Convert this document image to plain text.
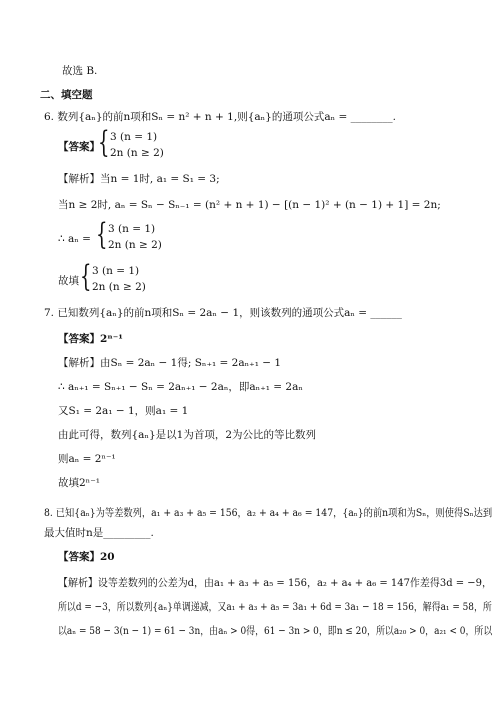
故选 B.
二、填空题
6. 数列{aₙ}的前n项和Sₙ = n² + n + 1,则{aₙ}的通项公式aₙ = ________.
【答案】
{ 3 (n = 1)
2n (n ≥ 2)
【解析】当n = 1时, a₁ = S₁ = 3;
当n ≥ 2时, aₙ = Sₙ − Sₙ₋₁ = (n² + n + 1) − [(n − 1)² + (n − 1) + 1] = 2n;
∴ aₙ = { 3 (n = 1)
2n (n ≥ 2)
故填 { 3 (n = 1)
2n (n ≥ 2)
7. 已知数列{aₙ}的前n项和Sₙ = 2aₙ − 1，则该数列的通项公式aₙ = ______
【答案】2ⁿ⁻¹
【解析】由Sₙ = 2aₙ − 1得; Sₙ₊₁ = 2aₙ₊₁ − 1
∴ aₙ₊₁ = Sₙ₊₁ − Sₙ = 2aₙ₊₁ − 2aₙ，即aₙ₊₁ = 2aₙ
又S₁ = 2a₁ − 1，则a₁ = 1
由此可得，数列{aₙ}是以1为首项，2为公比的等比数列
则aₙ = 2ⁿ⁻¹
故填2ⁿ⁻¹
8. 已知{aₙ}为等差数列，a₁ + a₃ + a₅ = 156，a₂ + a₄ + a₆ = 147，{aₙ}的前n项和为Sₙ，则使得Sₙ达到
最大值时n是_________.
【答案】20
【解析】设等差数列的公差为d，由a₁ + a₃ + a₅ = 156，a₂ + a₄ + a₆ = 147作差得3d = −9，
所以d = −3，所以数列{aₙ}单调递减，又a₁ + a₃ + a₅ = 3a₁ + 6d = 3a₁ − 18 = 156，解得a₁ = 58，所
以aₙ = 58 − 3(n − 1) = 61 − 3n，由aₙ > 0得，61 − 3n > 0，即n ≤ 20，所以a₂₀ > 0，a₂₁ < 0，所以
